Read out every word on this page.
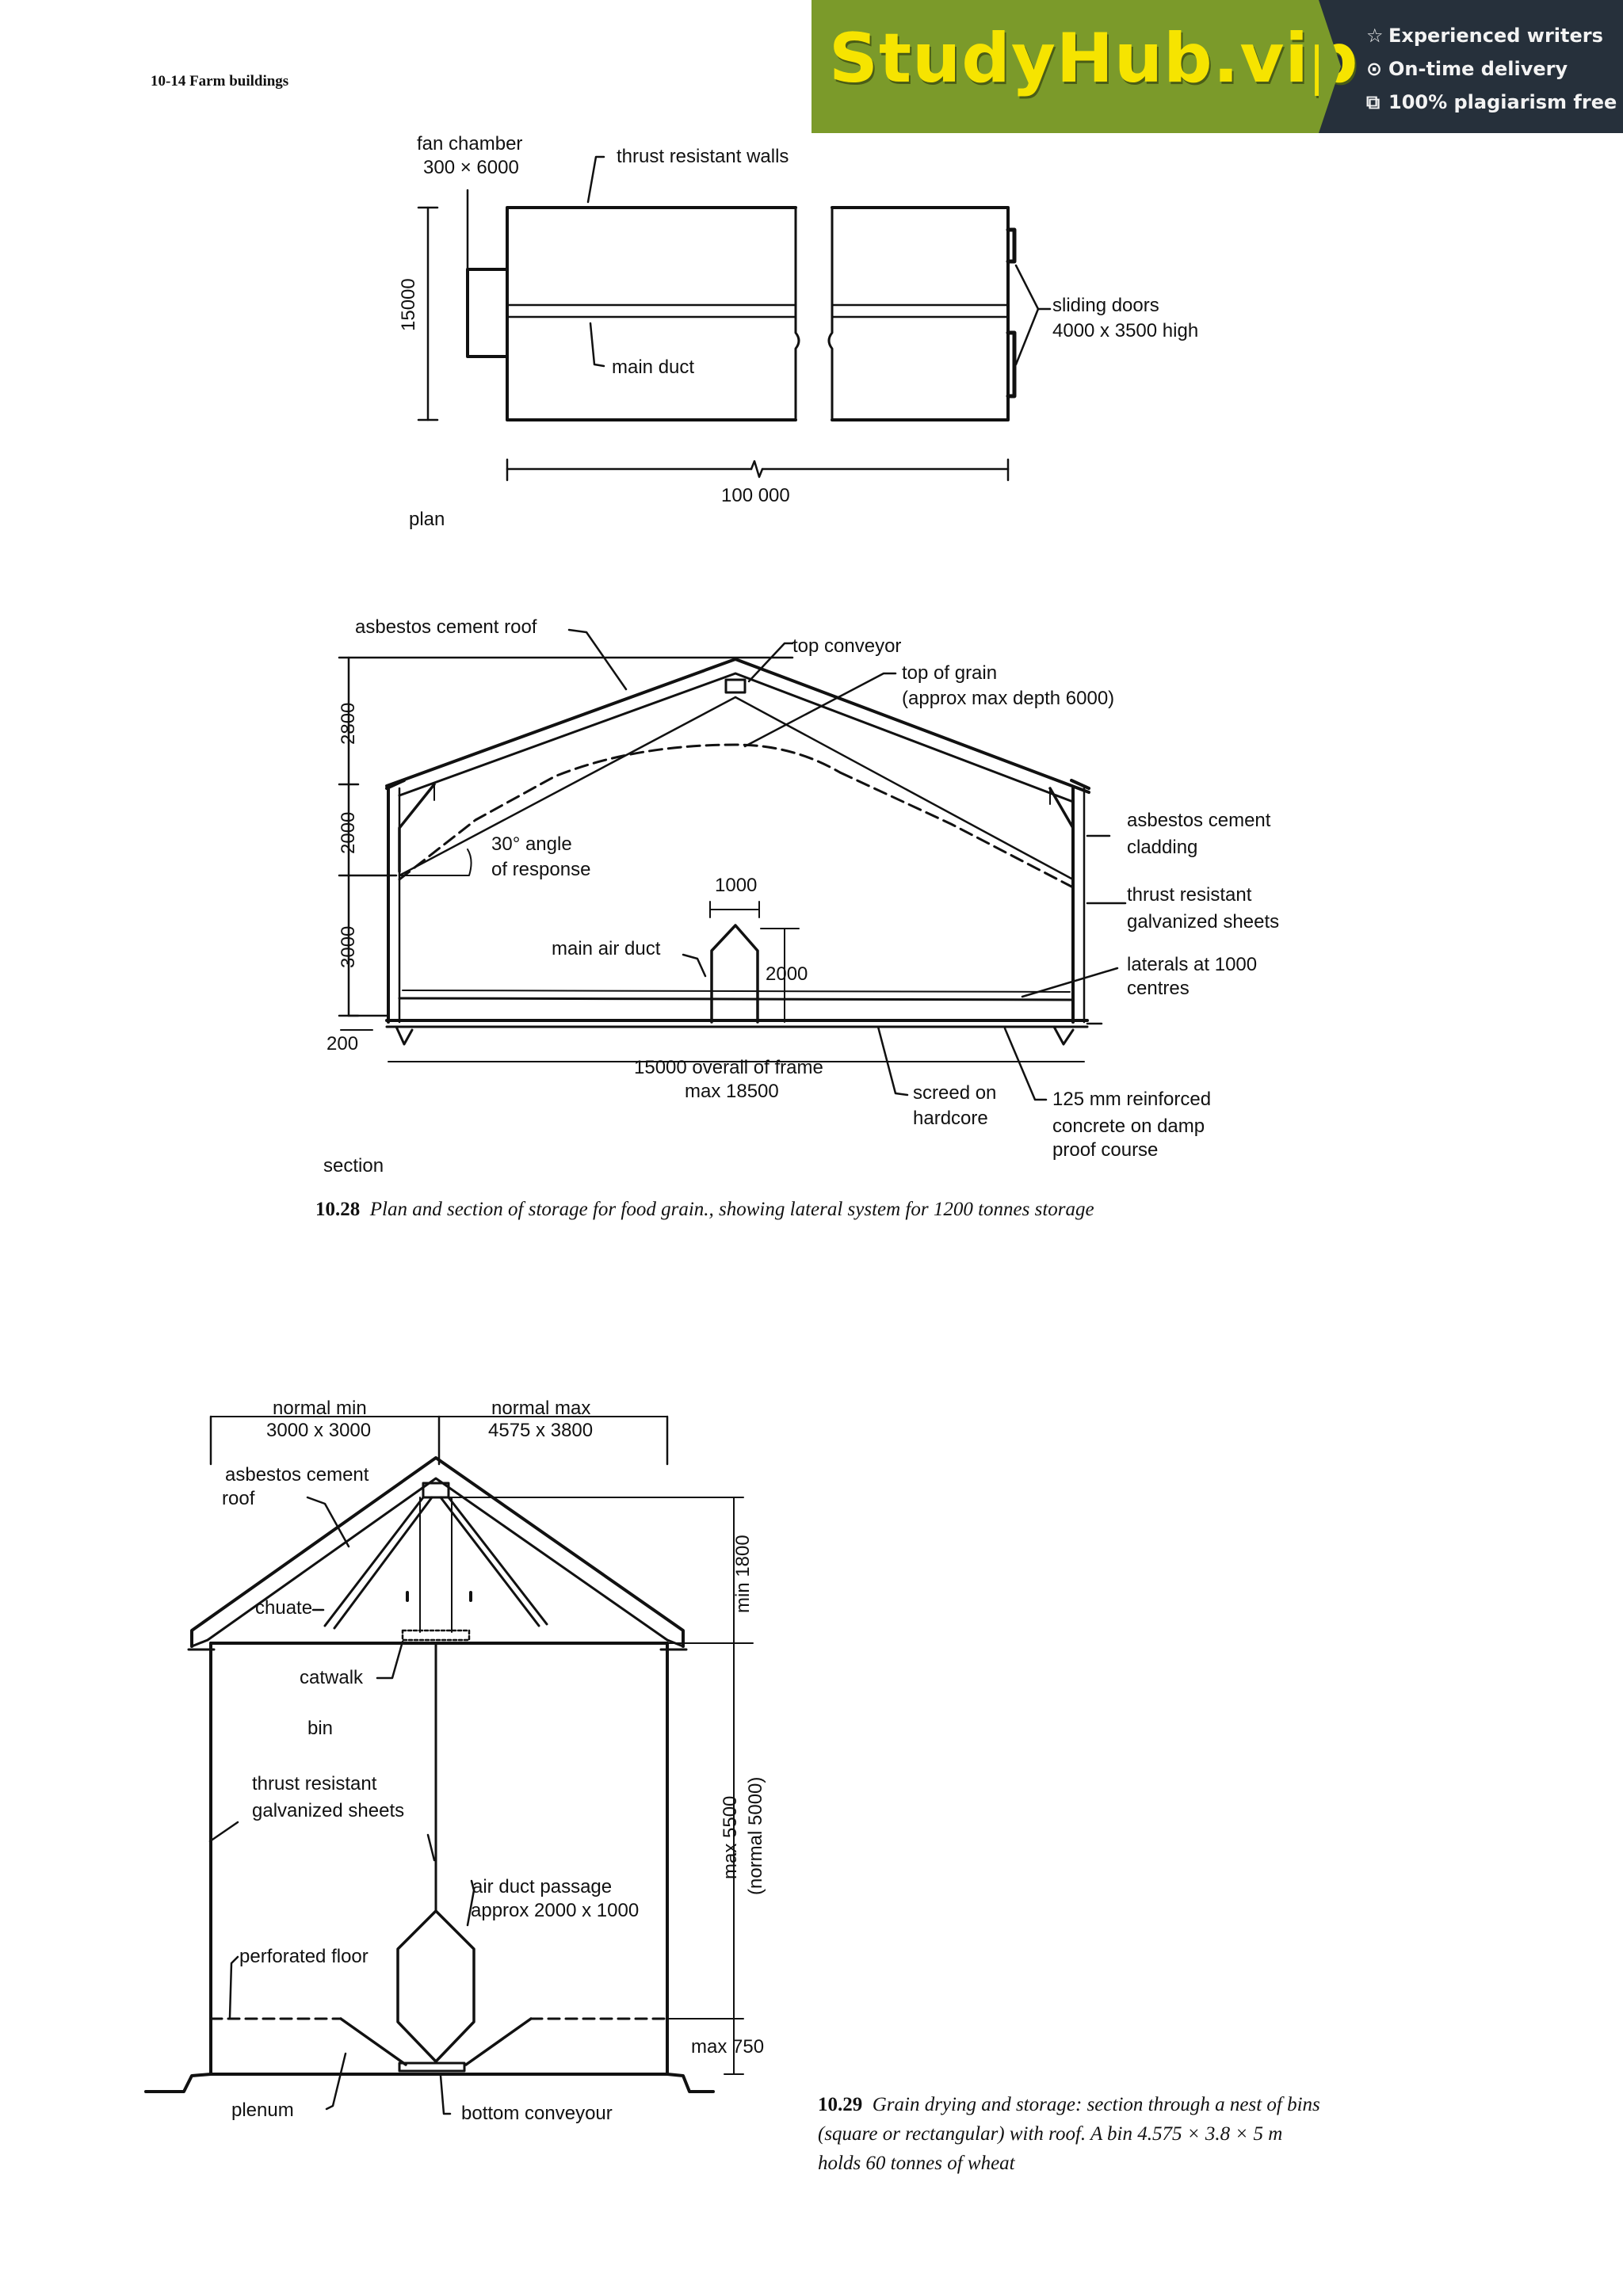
10-14 Farm buildings	StudyHub.vip ☆ Experienced writers
⊙ On-time delivery
⧉ 100% plagiarism free
fan chamber
300 × 6000
thrust resistant walls
15000	sliding doors
4000 x 3500 high
main duct
100 000
plan
asbestos cement roof
top conveyor
top of grain
(approx max depth 6000)
2800
2000
3000
200
30° angle
of response
1000
main air duct
2000
asbestos cement
cladding
thrust resistant
galvanized sheets
laterals at 1000
centres
15000 overall of frame
max 18500	screed on
hardcore
125 mm reinforced
concrete on damp
proof course
section
10.28 Plan and section of storage for food grain., showing lateral system for 1200 tonnes storage
normal min
3000 x 3000
normal max
4575 x 3800
asbestos cement
roof
chuate
catwalk
bin
thrust resistant
galvanized sheets
air duct passage
approx 2000 x 1000
perforated floor
plenum	bottom conveyour
min 1800
max 5500 (normal 5000)
max 750
10.29 Grain drying and storage: section through a nest of bins
(square or rectangular) with roof. A bin 4.575 × 3.8 × 5 m
holds 60 tonnes of wheat
